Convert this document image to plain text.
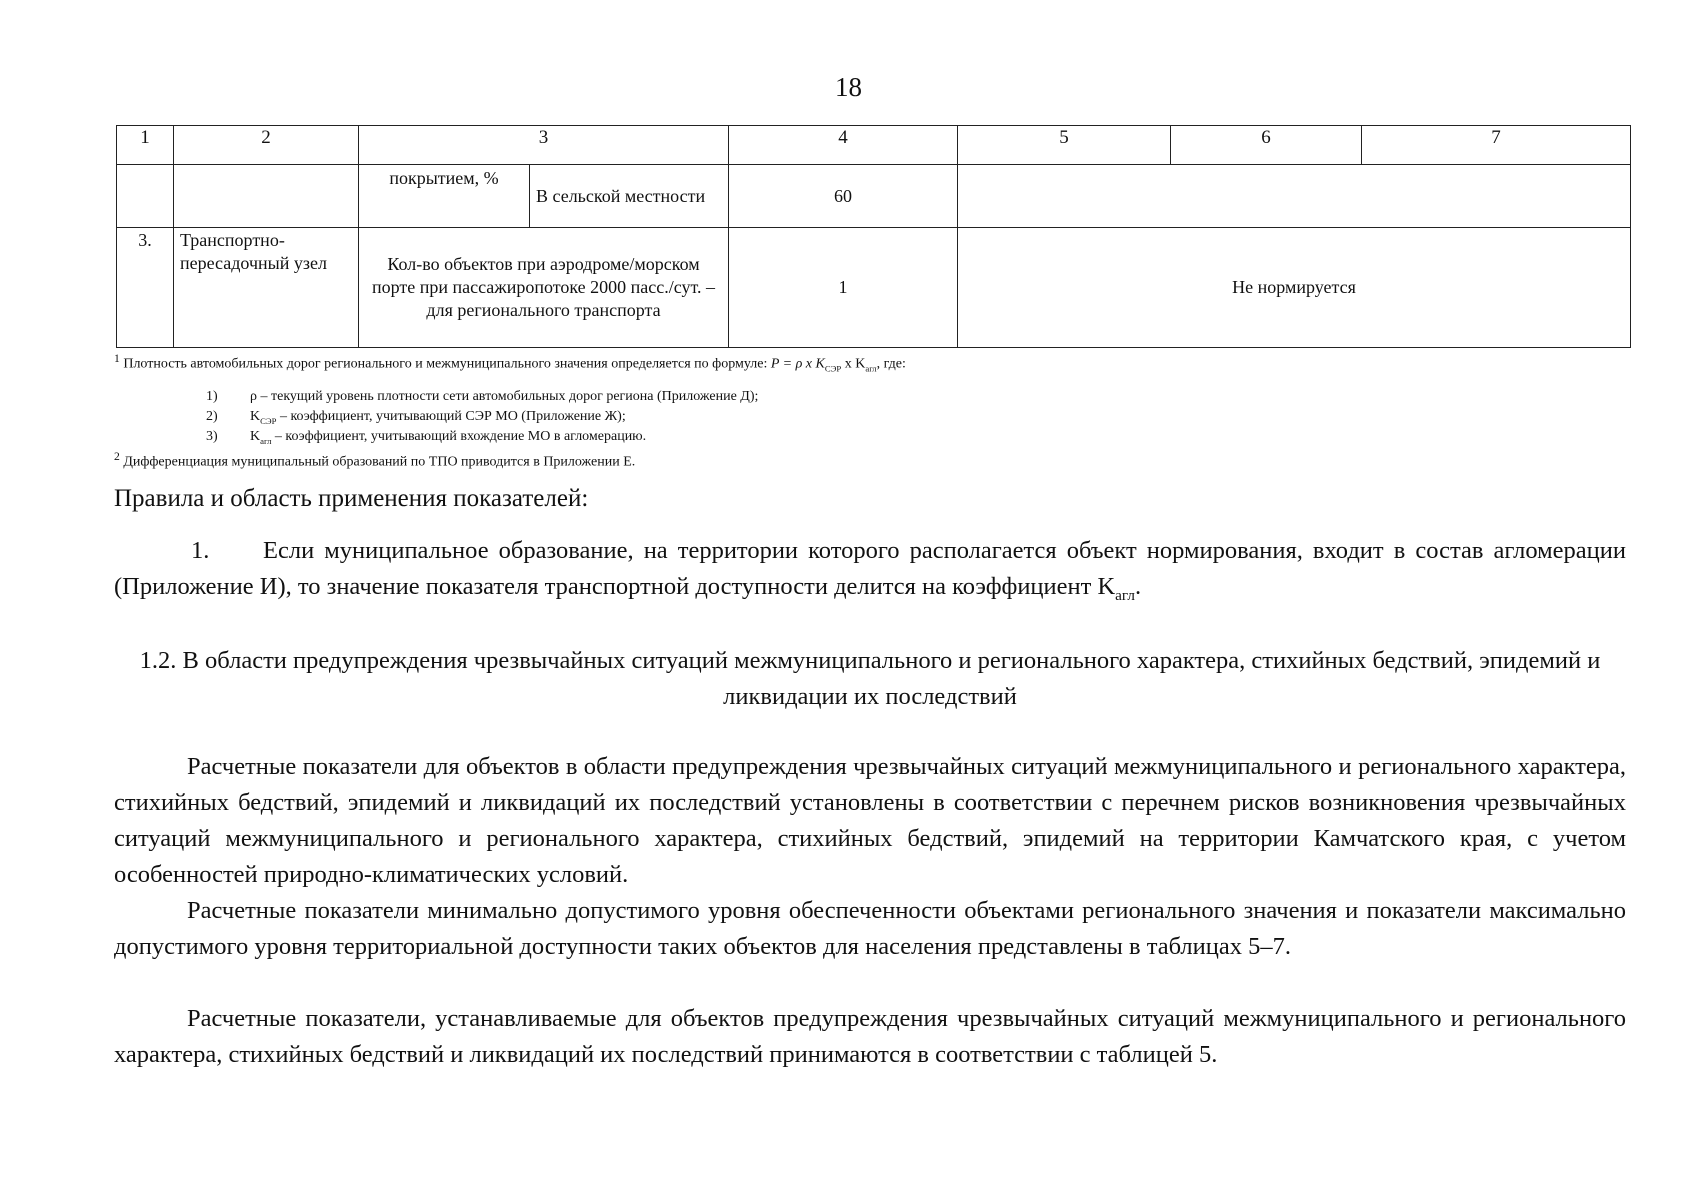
18
1	2	3		4	5	6	7
		покрытием, %	В сельской местности	60			
3.	Транспортно-пересадочный узел	Кол-во объектов при аэродроме/морском порте при пассажиропотоке 2000 пасс./сут. – для регионального транспорта		1	Не нормируется		
$^1$ Плотность автомобильных дорог регионального и межмуниципального значения определяется по формуле: P = ρ x $K_{СЭР}$ x $K_{агл}$, где:
1)	ρ – текущий уровень плотности сети автомобильных дорог региона (Приложение Д);
2)	$K_{СЭР}$ – коэффициент, учитывающий СЭР МО (Приложение Ж);
3)	$K_{агл}$ – коэффициент, учитывающий вхождение МО в агломерацию.
$^2$ Дифференциация муниципальный образований по ТПО приводится в Приложении Е.
Правила и область применения показателей:
1. Если муниципальное образование, на территории которого располагается объект нормирования, входит в состав агломерации (Приложение И), то значение показателя транспортной доступности делится на коэффициент $K_{агл}$.
1.2. В области предупреждения чрезвычайных ситуаций межмуниципального и регионального характера, стихийных бедствий, эпидемий и ликвидации их последствий
Расчетные показатели для объектов в области предупреждения чрезвычайных ситуаций межмуниципального и регионального характера, стихийных бедствий, эпидемий и ликвидаций их последствий установлены в соответствии с перечнем рисков возникновения чрезвычайных ситуаций межмуниципального и регионального характера, стихийных бедствий, эпидемий на территории Камчатского края, с учетом особенностей природно-климатических условий.
Расчетные показатели минимально допустимого уровня обеспеченности объектами регионального значения и показатели максимально допустимого уровня территориальной доступности таких объектов для населения представлены в таблицах 5–7.
Расчетные показатели, устанавливаемые для объектов предупреждения чрезвычайных ситуаций межмуниципального и регионального характера, стихийных бедствий и ликвидаций их последствий принимаются в соответствии с таблицей 5.
